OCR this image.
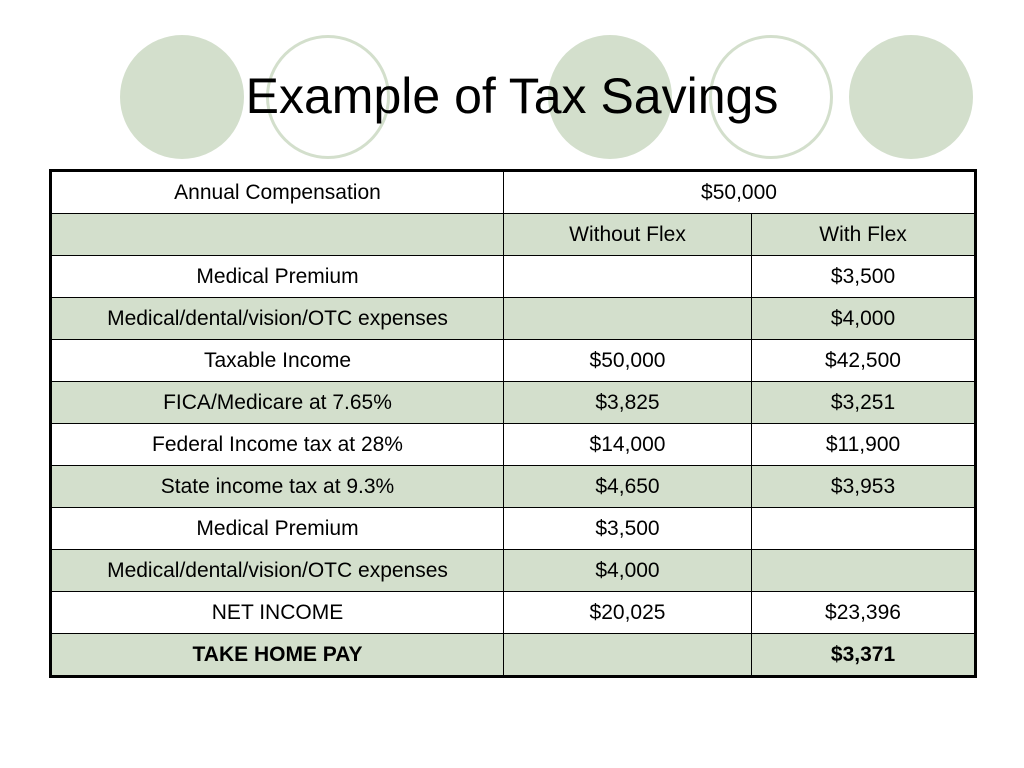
Example of Tax Savings
Annual Compensation	$50,000	
	Without Flex	With Flex
Medical Premium		$3,500
Medical/dental/vision/OTC expenses		$4,000
Taxable Income	$50,000	$42,500
FICA/Medicare at 7.65%	$3,825	$3,251
Federal Income tax at 28%	$14,000	$11,900
State income tax at 9.3%	$4,650	$3,953
Medical Premium	$3,500	
Medical/dental/vision/OTC expenses	$4,000	
NET INCOME	$20,025	$23,396
TAKE HOME PAY		$3,371
